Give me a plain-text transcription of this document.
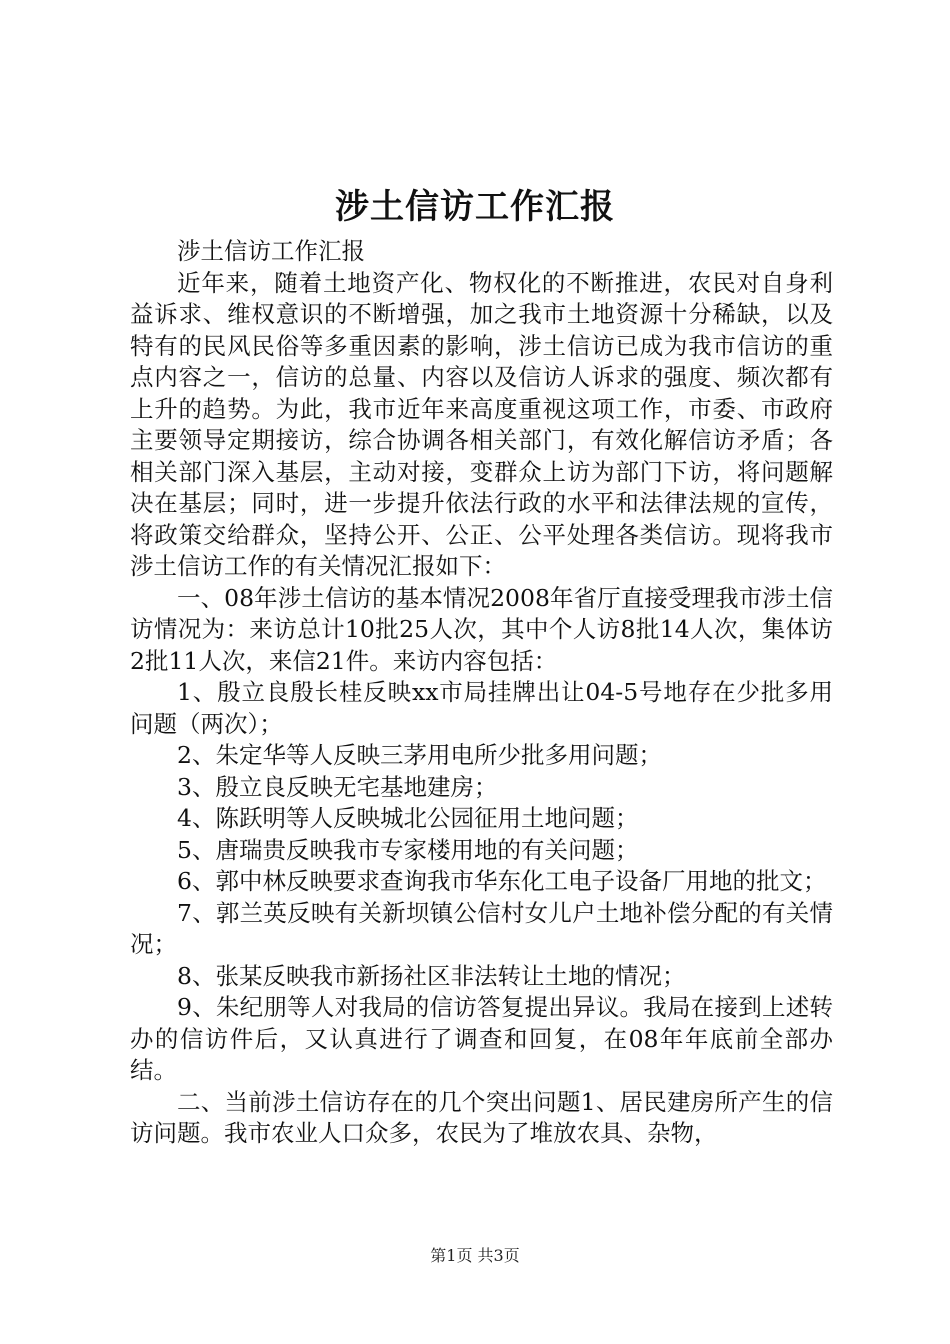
涉土信访工作汇报

涉土信访工作汇报

近年来，随着土地资产化、物权化的不断推进，农民对自身利益诉求、维权意识的不断增强，加之我市土地资源十分稀缺，以及特有的民风民俗等多重因素的影响，涉土信访已成为我市信访的重点内容之一，信访的总量、内容以及信访人诉求的强度、频次都有上升的趋势。为此，我市近年来高度重视这项工作，市委、市政府主要领导定期接访，综合协调各相关部门，有效化解信访矛盾；各相关部门深入基层，主动对接，变群众上访为部门下访，将问题解决在基层；同时，进一步提升依法行政的水平和法律法规的宣传，将政策交给群众，坚持公开、公正、公平处理各类信访。现将我市涉土信访工作的有关情况汇报如下：

一、08年涉土信访的基本情况2008年省厅直接受理我市涉土信访情况为：来访总计10批25人次，其中个人访8批14人次，集体访2批11人次，来信21件。来访内容包括：

1、殷立良殷长桂反映xx市局挂牌出让04-5号地存在少批多用问题（两次）；

2、朱定华等人反映三茅用电所少批多用问题；

3、殷立良反映无宅基地建房；

4、陈跃明等人反映城北公园征用土地问题；

5、唐瑞贵反映我市专家楼用地的有关问题；

6、郭中林反映要求查询我市华东化工电子设备厂用地的批文；

7、郭兰英反映有关新坝镇公信村女儿户土地补偿分配的有关情况；

8、张某反映我市新扬社区非法转让土地的情况；

9、朱纪朋等人对我局的信访答复提出异议。我局在接到上述转办的信访件后，又认真进行了调查和回复，在08年年底前全部办结。

二、当前涉土信访存在的几个突出问题1、居民建房所产生的信访问题。我市农业人口众多，农民为了堆放农具、杂物，

第1页 共3页
